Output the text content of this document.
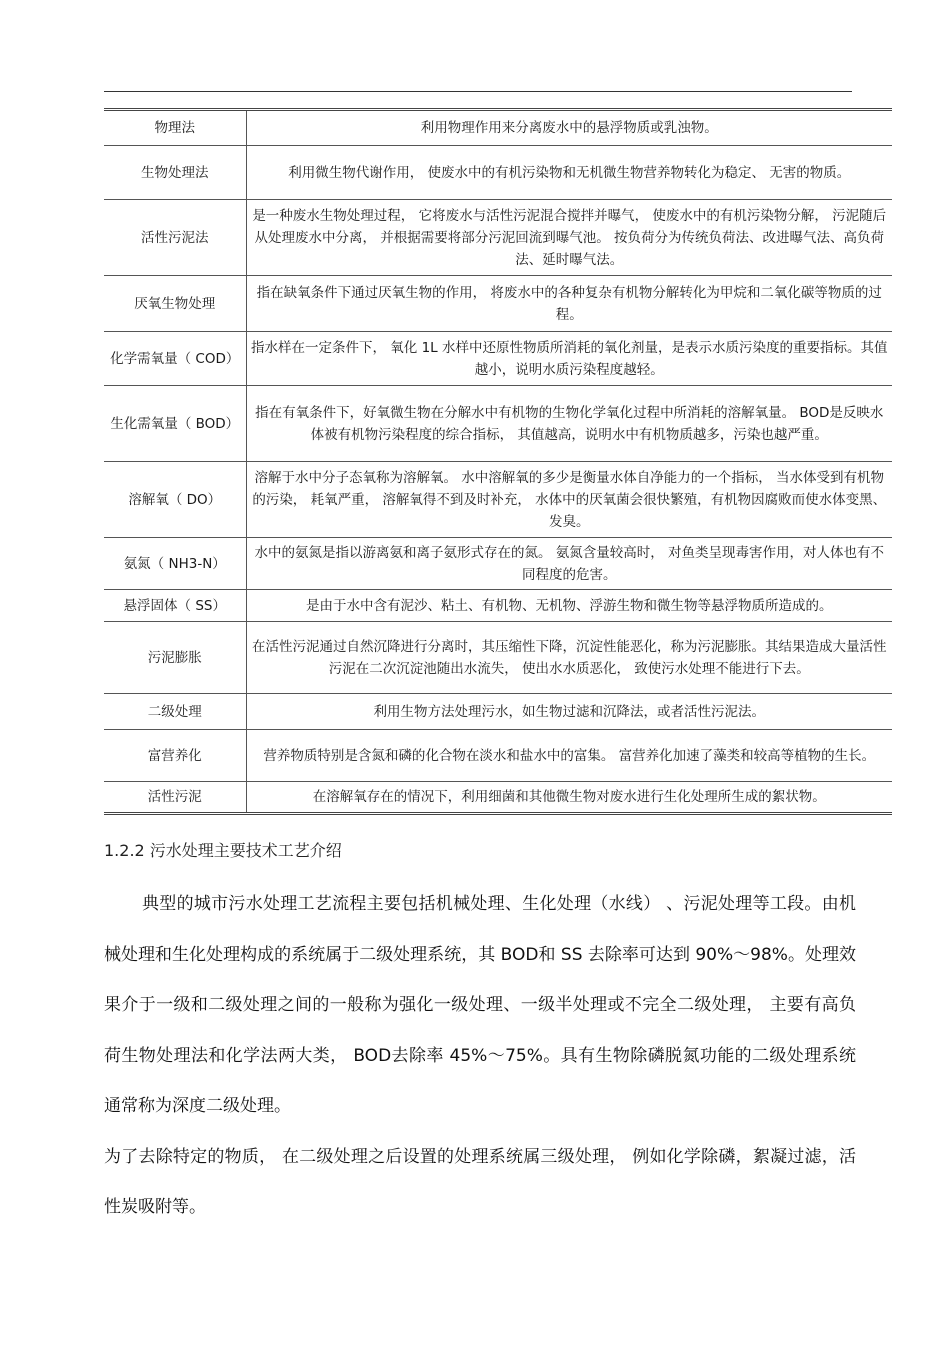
物理法	利用物理作用来分离废水中的悬浮物质或乳浊物。
生物处理法	利用微生物代谢作用， 使废水中的有机污染物和无机微生物营养物转化为稳定、 无害的物质。
活性污泥法	是一种废水生物处理过程， 它将废水与活性污泥混合搅拌并曝气， 使废水中的有机污染物分解， 污泥随后从处理废水中分离， 并根据需要将部分污泥回流到曝气池。 按负荷分为传统负荷法、改进曝气法、高负荷法、延时曝气法。
厌氧生物处理	指在缺氧条件下通过厌氧生物的作用， 将废水中的各种复杂有机物分解转化为甲烷和二氧化碳等物质的过程。
化学需氧量（ COD）	指水样在一定条件下， 氧化 1L 水样中还原性物质所消耗的氧化剂量，是表示水质污染度的重要指标。其值越小，说明水质污染程度越轻。
生化需氧量（ BOD）	指在有氧条件下，好氧微生物在分解水中有机物的生物化学氧化过程中所消耗的溶解氧量。 BOD是反映水体被有机物污染程度的综合指标， 其值越高，说明水中有机物质越多，污染也越严重。
溶解氧（ DO）	溶解于水中分子态氧称为溶解氧。 水中溶解氧的多少是衡量水体自净能力的一个指标， 当水体受到有机物的污染， 耗氧严重， 溶解氧得不到及时补充， 水体中的厌氧菌会很快繁殖，有机物因腐败而使水体变黑、发臭。
氨氮（ NH3-N）	水中的氨氮是指以游离氨和离子氨形式存在的氮。 氨氮含量较高时， 对鱼类呈现毒害作用，对人体也有不同程度的危害。
悬浮固体（ SS）	是由于水中含有泥沙、粘土、有机物、无机物、浮游生物和微生物等悬浮物质所造成的。
污泥膨胀	在活性污泥通过自然沉降进行分离时，其压缩性下降，沉淀性能恶化，称为污泥膨胀。其结果造成大量活性污泥在二次沉淀池随出水流失， 使出水水质恶化， 致使污水处理不能进行下去。
二级处理	利用生物方法处理污水，如生物过滤和沉降法，或者活性污泥法。
富营养化	营养物质特别是含氮和磷的化合物在淡水和盐水中的富集。 富营养化加速了藻类和较高等植物的生长。
活性污泥	在溶解氧存在的情况下，利用细菌和其他微生物对废水进行生化处理所生成的絮状物。
1.2.2 污水处理主要技术工艺介绍

典型的城市污水处理工艺流程主要包括机械处理、生化处理（水线） 、污泥处理等工段。由机械处理和生化处理构成的系统属于二级处理系统，其 BOD和 SS 去除率可达到 90%～98%。处理效果介于一级和二级处理之间的一般称为强化一级处理、一级半处理或不完全二级处理， 主要有高负荷生物处理法和化学法两大类， BOD去除率 45%～75%。具有生物除磷脱氮功能的二级处理系统通常称为深度二级处理。

为了去除特定的物质， 在二级处理之后设置的处理系统属三级处理， 例如化学除磷，絮凝过滤，活性炭吸附等。
